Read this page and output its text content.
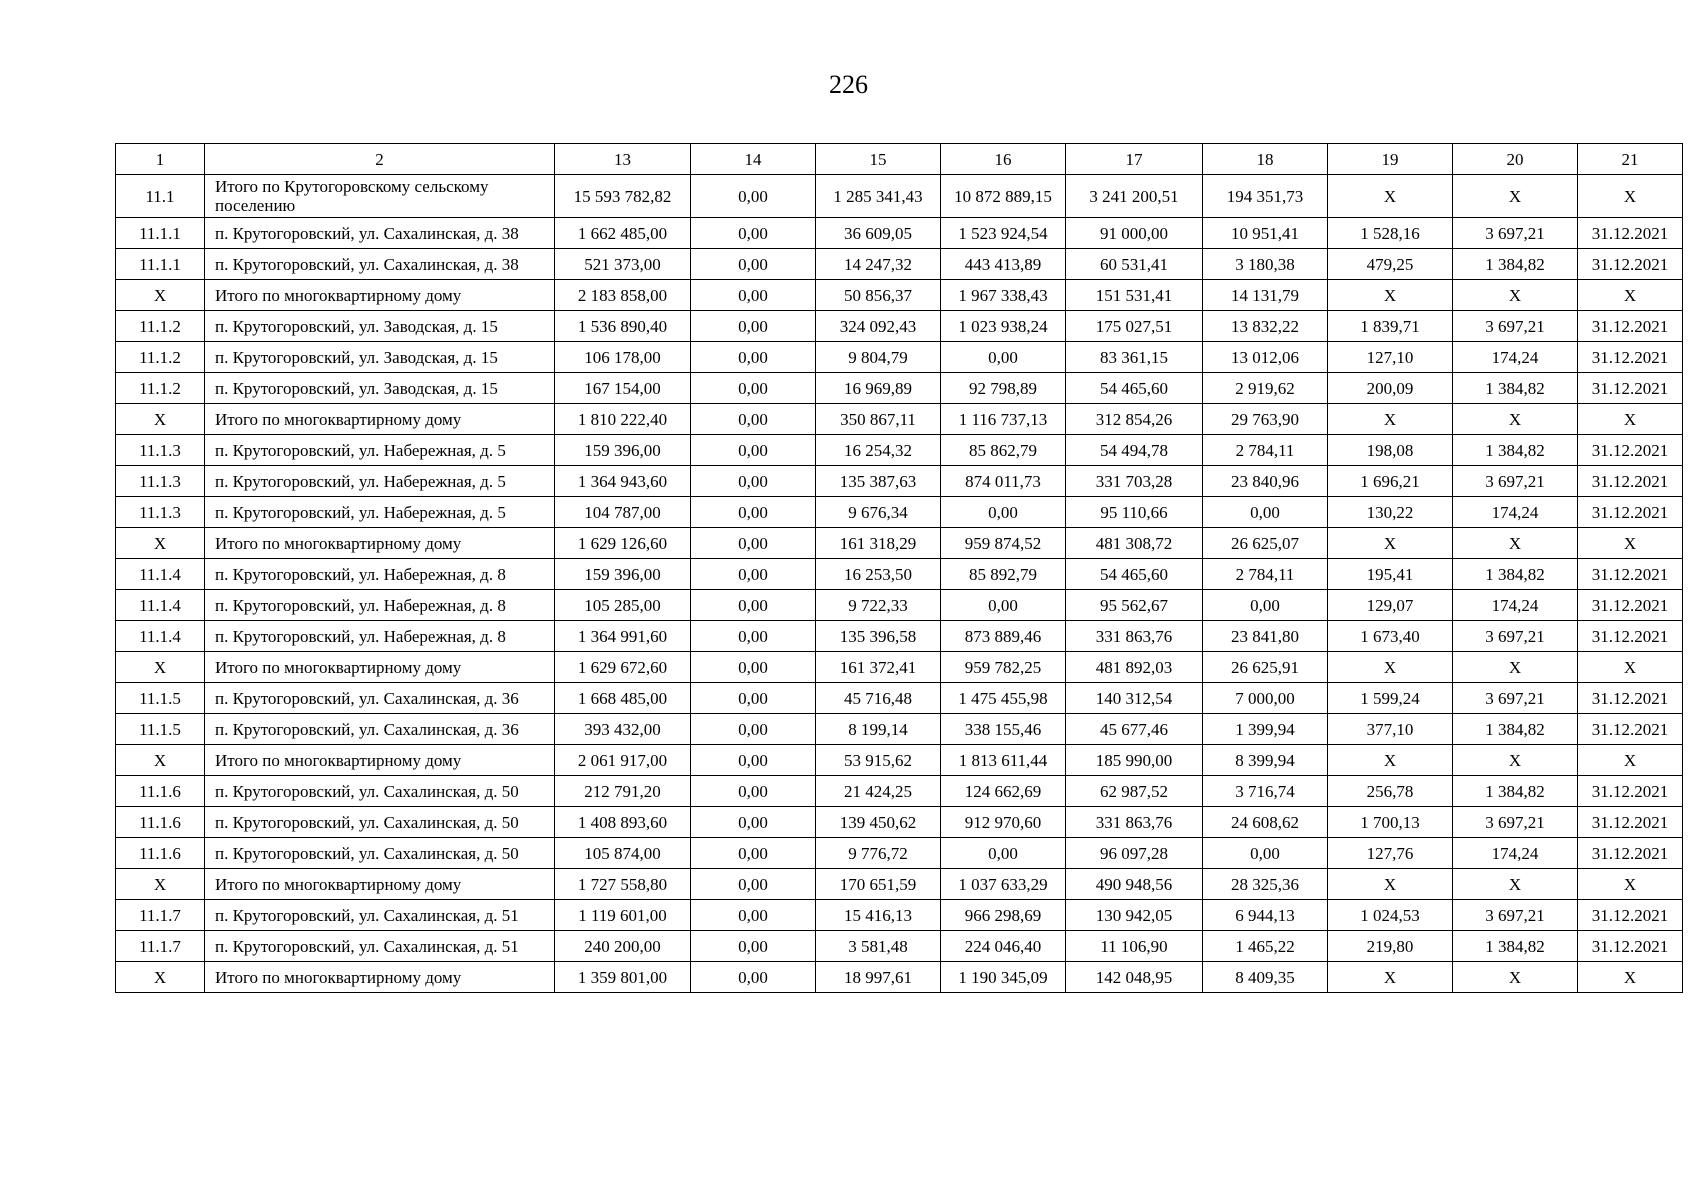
226
1	2	13	14	15	16	17	18	19	20	21
11.1	Итого по Крутогоровскому сельскому поселению	15 593 782,82	0,00	1 285 341,43	10 872 889,15	3 241 200,51	194 351,73	X	X	X
11.1.1	п. Крутогоровский, ул. Сахалинская, д. 38	1 662 485,00	0,00	36 609,05	1 523 924,54	91 000,00	10 951,41	1 528,16	3 697,21	31.12.2021
11.1.1	п. Крутогоровский, ул. Сахалинская, д. 38	521 373,00	0,00	14 247,32	443 413,89	60 531,41	3 180,38	479,25	1 384,82	31.12.2021
X	Итого по многоквартирному дому	2 183 858,00	0,00	50 856,37	1 967 338,43	151 531,41	14 131,79	X	X	X
11.1.2	п. Крутогоровский, ул. Заводская, д. 15	1 536 890,40	0,00	324 092,43	1 023 938,24	175 027,51	13 832,22	1 839,71	3 697,21	31.12.2021
11.1.2	п. Крутогоровский, ул. Заводская, д. 15	106 178,00	0,00	9 804,79	0,00	83 361,15	13 012,06	127,10	174,24	31.12.2021
11.1.2	п. Крутогоровский, ул. Заводская, д. 15	167 154,00	0,00	16 969,89	92 798,89	54 465,60	2 919,62	200,09	1 384,82	31.12.2021
X	Итого по многоквартирному дому	1 810 222,40	0,00	350 867,11	1 116 737,13	312 854,26	29 763,90	X	X	X
11.1.3	п. Крутогоровский, ул. Набережная, д. 5	159 396,00	0,00	16 254,32	85 862,79	54 494,78	2 784,11	198,08	1 384,82	31.12.2021
11.1.3	п. Крутогоровский, ул. Набережная, д. 5	1 364 943,60	0,00	135 387,63	874 011,73	331 703,28	23 840,96	1 696,21	3 697,21	31.12.2021
11.1.3	п. Крутогоровский, ул. Набережная, д. 5	104 787,00	0,00	9 676,34	0,00	95 110,66	0,00	130,22	174,24	31.12.2021
X	Итого по многоквартирному дому	1 629 126,60	0,00	161 318,29	959 874,52	481 308,72	26 625,07	X	X	X
11.1.4	п. Крутогоровский, ул. Набережная, д. 8	159 396,00	0,00	16 253,50	85 892,79	54 465,60	2 784,11	195,41	1 384,82	31.12.2021
11.1.4	п. Крутогоровский, ул. Набережная, д. 8	105 285,00	0,00	9 722,33	0,00	95 562,67	0,00	129,07	174,24	31.12.2021
11.1.4	п. Крутогоровский, ул. Набережная, д. 8	1 364 991,60	0,00	135 396,58	873 889,46	331 863,76	23 841,80	1 673,40	3 697,21	31.12.2021
X	Итого по многоквартирному дому	1 629 672,60	0,00	161 372,41	959 782,25	481 892,03	26 625,91	X	X	X
11.1.5	п. Крутогоровский, ул. Сахалинская, д. 36	1 668 485,00	0,00	45 716,48	1 475 455,98	140 312,54	7 000,00	1 599,24	3 697,21	31.12.2021
11.1.5	п. Крутогоровский, ул. Сахалинская, д. 36	393 432,00	0,00	8 199,14	338 155,46	45 677,46	1 399,94	377,10	1 384,82	31.12.2021
X	Итого по многоквартирному дому	2 061 917,00	0,00	53 915,62	1 813 611,44	185 990,00	8 399,94	X	X	X
11.1.6	п. Крутогоровский, ул. Сахалинская, д. 50	212 791,20	0,00	21 424,25	124 662,69	62 987,52	3 716,74	256,78	1 384,82	31.12.2021
11.1.6	п. Крутогоровский, ул. Сахалинская, д. 50	1 408 893,60	0,00	139 450,62	912 970,60	331 863,76	24 608,62	1 700,13	3 697,21	31.12.2021
11.1.6	п. Крутогоровский, ул. Сахалинская, д. 50	105 874,00	0,00	9 776,72	0,00	96 097,28	0,00	127,76	174,24	31.12.2021
X	Итого по многоквартирному дому	1 727 558,80	0,00	170 651,59	1 037 633,29	490 948,56	28 325,36	X	X	X
11.1.7	п. Крутогоровский, ул. Сахалинская, д. 51	1 119 601,00	0,00	15 416,13	966 298,69	130 942,05	6 944,13	1 024,53	3 697,21	31.12.2021
11.1.7	п. Крутогоровский, ул. Сахалинская, д. 51	240 200,00	0,00	3 581,48	224 046,40	11 106,90	1 465,22	219,80	1 384,82	31.12.2021
X	Итого по многоквартирному дому	1 359 801,00	0,00	18 997,61	1 190 345,09	142 048,95	8 409,35	X	X	X
